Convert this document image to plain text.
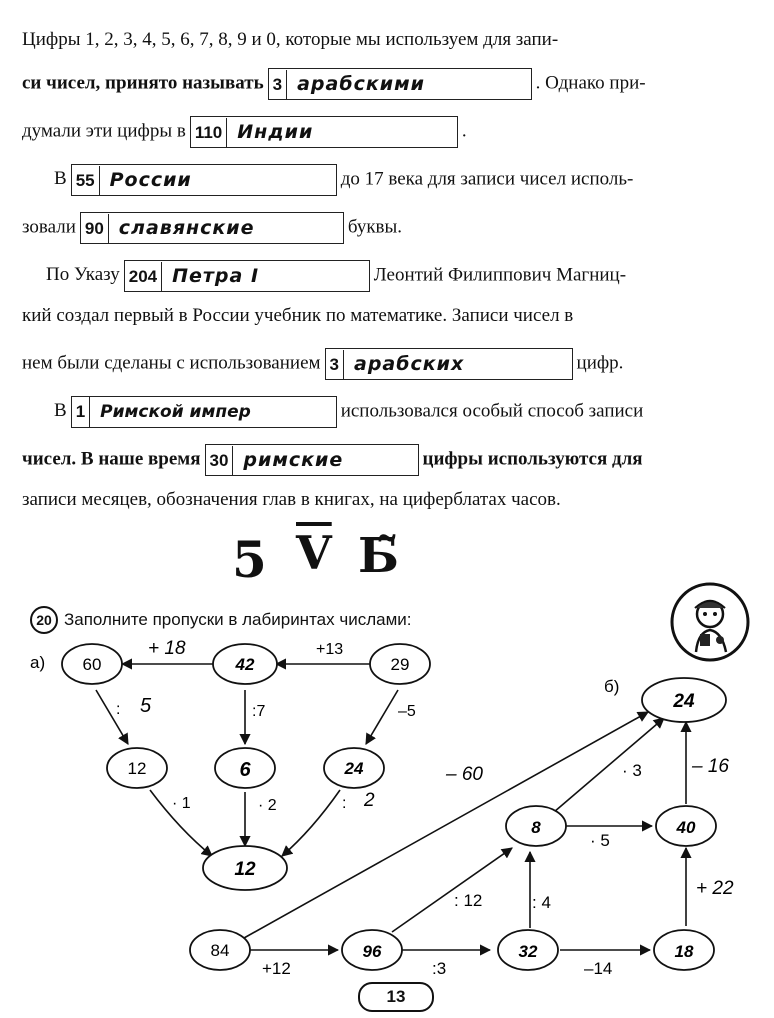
Цифры 1, 2, 3, 4, 5, 6, 7, 8, 9 и 0, которые мы используем для запи-
си чисел, принято называть 3 арабскими	. Однако при-
думали эти цифры в 110 Индии	.
В 55 России	до 17 века для записи чисел исполь-
зовали 90 славянские	буквы.
По Указу 204 Петра I	Леонтий Филиппович Магниц-
кий создал первый в России учебник по математике. Записи чисел в
нем были сделаны с использованием 3 арабских	цифр.
В 1 Римской импер	использовался особый способ записи
чисел. В наше время 30 римские	цифры используются для
записи месяцев, обозначения глав в книгах, на циферблатах часов.
5 $\overline{V}$ Б̃
20 Заполните пропуски в лабиринтах числами:
а) 60	42	29
12	6	24
12
+ 18	+13
: 5	:7	–5
· 1	· 2	: 2
б)
24
8	40
84	96	32	18
– 60	· 3	– 16
· 5
: 12	: 4
+ 22
+12	:3	–14
13
